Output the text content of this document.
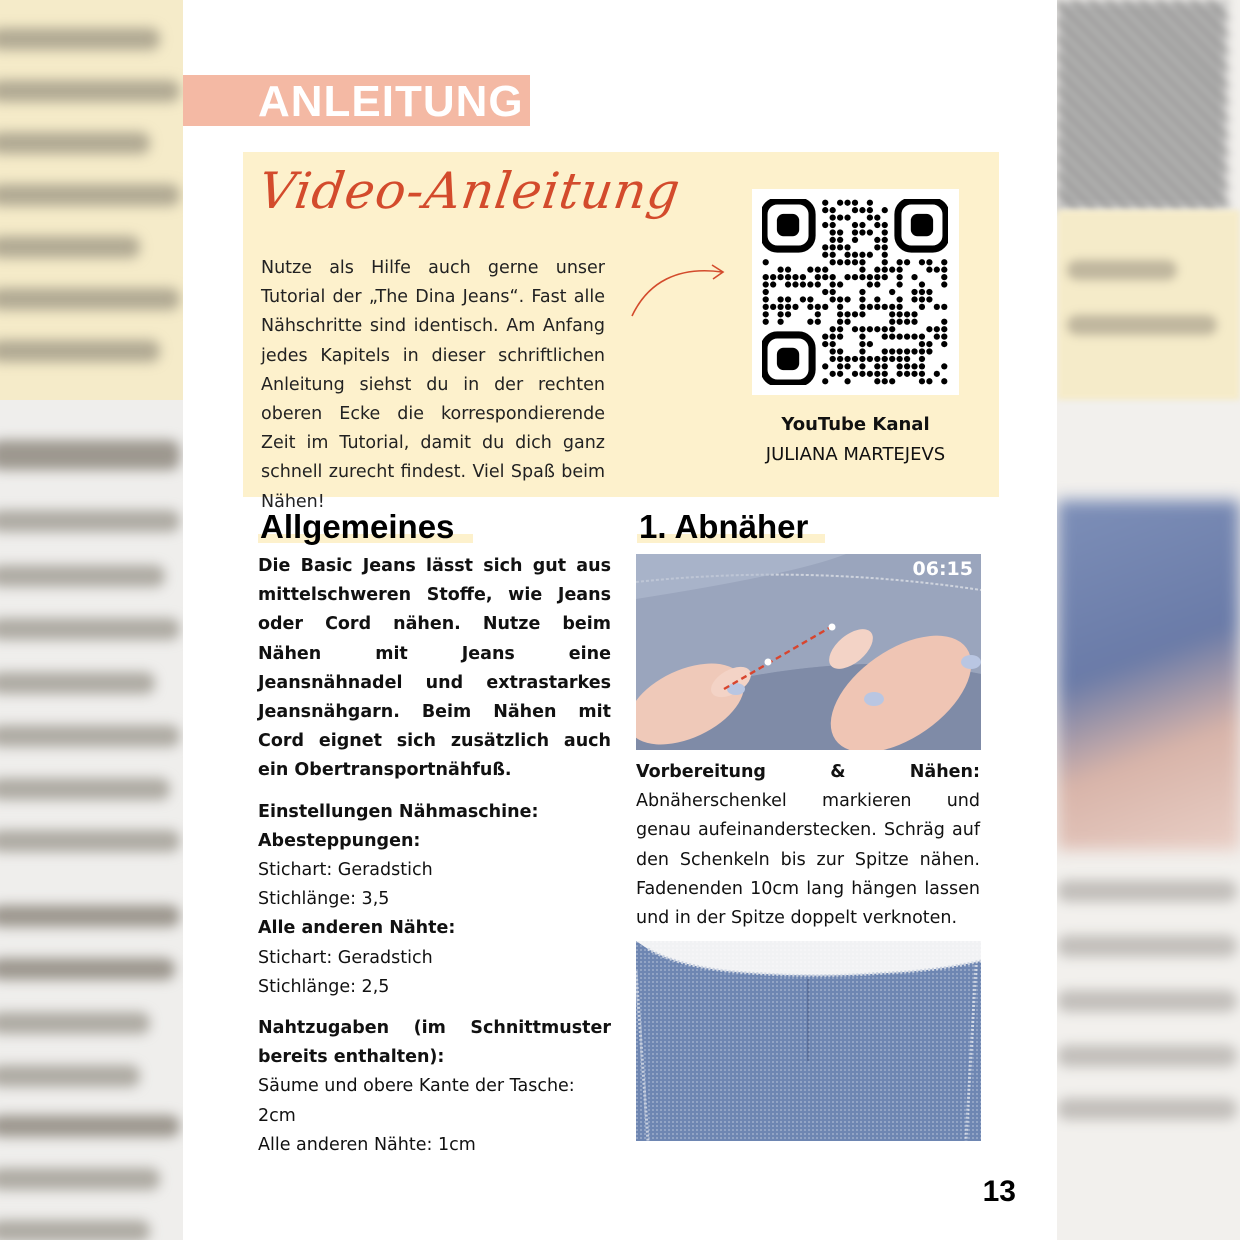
ANLEITUNG
Video-Anleitung

Nutze als Hilfe auch gerne unser Tutorial der „The Dina Jeans“. Fast alle Nähschritte sind identisch. Am Anfang jedes Kapitels in dieser schriftlichen Anleitung siehst du in der rechten oberen Ecke die korrespondierende Zeit im Tutorial, damit du dich ganz schnell zurecht findest. Viel Spaß beim Nähen!

YouTube Kanal
JULIANA MARTEJEVS
Allgemeines	1. Abnäher

Die Basic Jeans lässt sich gut aus mittelschweren Stoffe, wie Jeans oder Cord nähen. Nutze beim Nähen mit Jeans eine Jeansnähnadel und extrastarkes Jeansnähgarn. Beim Nähen mit Cord eignet sich zusätzlich auch ein Obertransportnähfuß.

Einstellungen Nähmaschine:

Abesteppungen:

Stichart: Geradstich

Stichlänge: 3,5

Alle anderen Nähte:

Stichart: Geradstich

Stichlänge: 2,5

Nahtzugaben (im Schnittmuster bereits enthalten):

Säume und obere Kante der Tasche: 2cm

Alle anderen Nähte: 1cm

06:15

Vorbereitung & Nähen: Abnäherschenkel markieren und genau aufeinanderstecken. Schräg auf den Schenkeln bis zur Spitze nähen. Fadenenden 10cm lang hängen lassen und in der Spitze doppelt verknoten.

13
